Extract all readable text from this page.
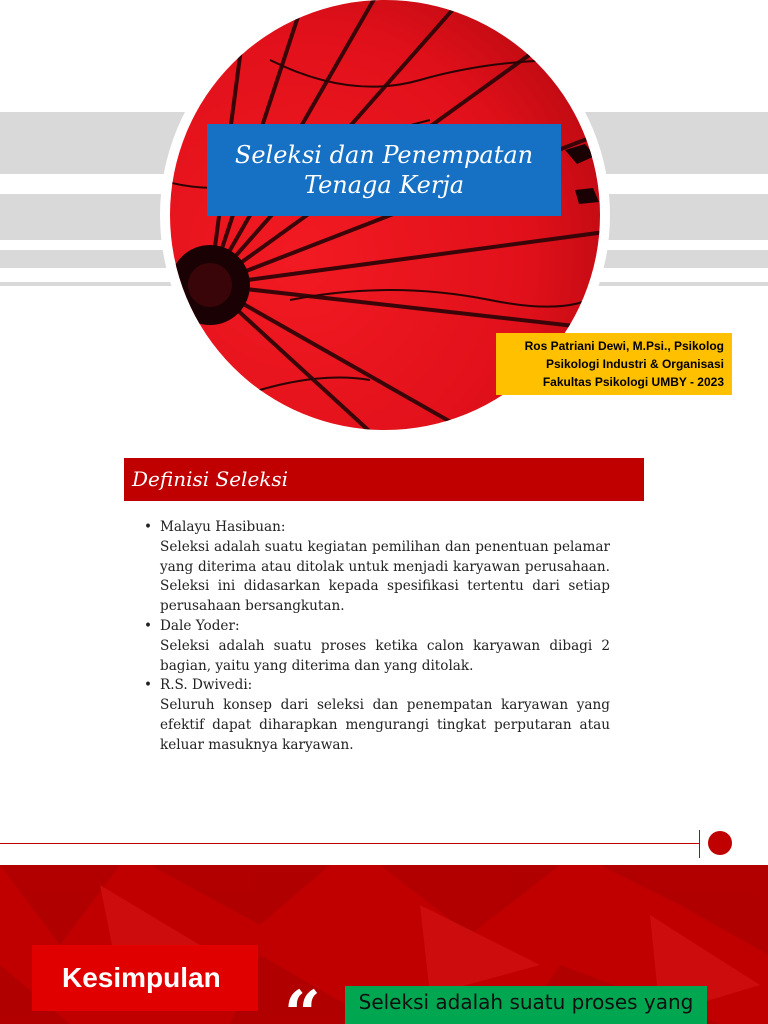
Seleksi dan Penempatan
Tenaga Kerja
Ros Patriani Dewi, M.Psi., Psikolog
Psikologi Industri & Organisasi
Fakultas Psikologi UMBY - 2023
Definisi Seleksi
• Malayu Hasibuan:
Seleksi adalah suatu kegiatan pemilihan dan penentuan pelamar yang diterima atau ditolak untuk menjadi karyawan perusahaan. Seleksi ini didasarkan kepada spesifikasi tertentu dari setiap perusahaan bersangkutan.
• Dale Yoder:
Seleksi adalah suatu proses ketika calon karyawan dibagi 2 bagian, yaitu yang diterima dan yang ditolak.
• R.S. Dwivedi:
Seluruh konsep dari seleksi dan penempatan karyawan yang efektif dapat diharapkan mengurangi tingkat perputaran atau keluar masuknya karyawan.
Kesimpulan “	Seleksi adalah suatu proses yang
